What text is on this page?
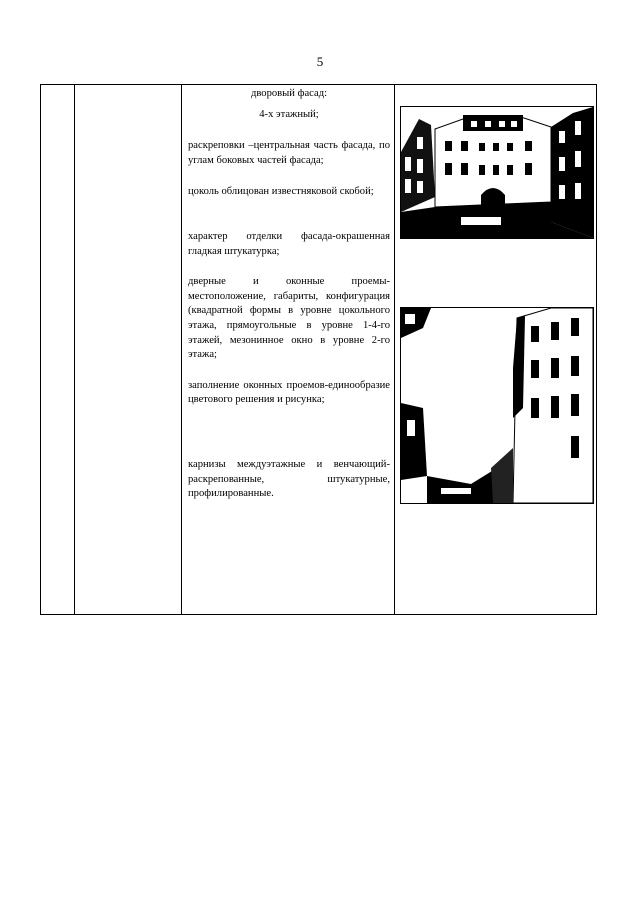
5

дворовый фасад:

4-х этажный;

раскреповки –центральная часть фасада, по углам боковых частей фасада;

цоколь облицован известняковой скобой;

характер отделки фасада-окрашенная гладкая штукатурка;

дверные и оконные проемы-местоположение, габариты, конфигурация (квадратной формы в уровне цокольного этажа, прямоугольные в уровне 1-4-го этажей, мезонинное окно в уровне 2-го этажа;

заполнение оконных проемов-единообразие цветового решения и рисунка;

карнизы междуэтажные и венчающий- раскрепованные, штукатурные, профилированные.
